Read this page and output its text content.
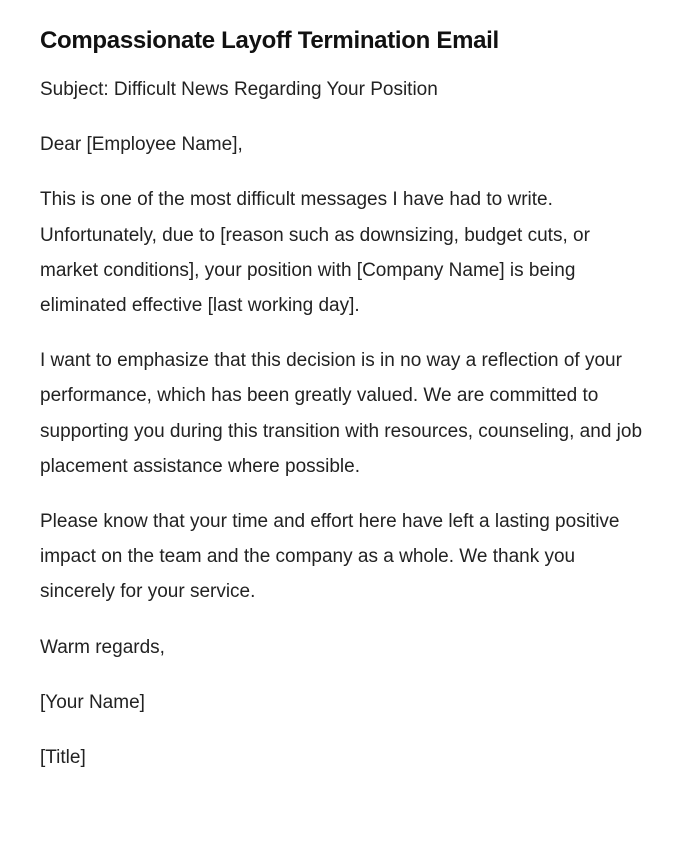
Compassionate Layoff Termination Email

Subject: Difficult News Regarding Your Position

Dear [Employee Name],

This is one of the most difficult messages I have had to write. Unfortunately, due to [reason such as downsizing, budget cuts, or market conditions], your position with [Company Name] is being eliminated effective [last working day].

I want to emphasize that this decision is in no way a reflection of your performance, which has been greatly valued. We are committed to supporting you during this transition with resources, counseling, and job placement assistance where possible.

Please know that your time and effort here have left a lasting positive impact on the team and the company as a whole. We thank you sincerely for your service.

Warm regards,

[Your Name]

[Title]
